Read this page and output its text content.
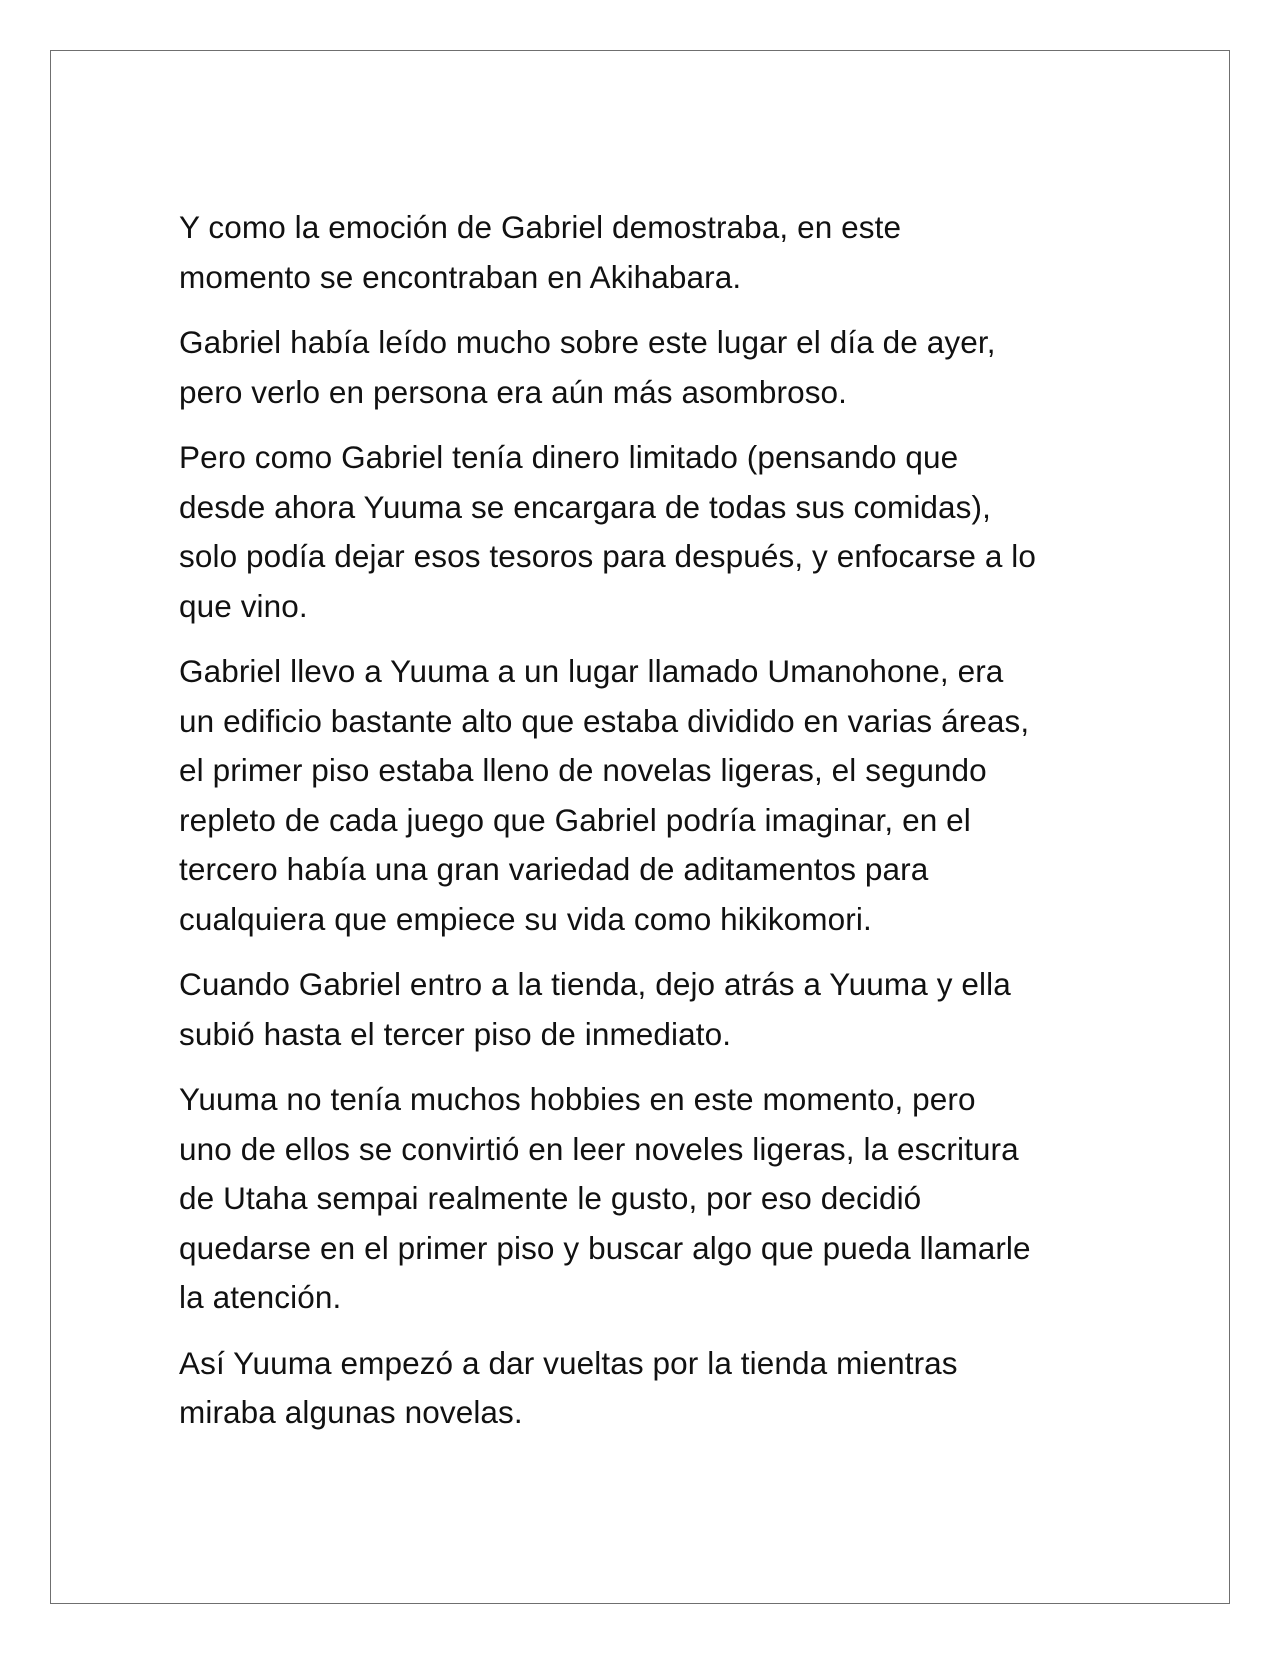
Y como la emoción de Gabriel demostraba, en este
momento se encontraban en Akihabara.

Gabriel había leído mucho sobre este lugar el día de ayer,
pero verlo en persona era aún más asombroso.

Pero como Gabriel tenía dinero limitado (pensando que
desde ahora Yuuma se encargara de todas sus comidas),
solo podía dejar esos tesoros para después, y enfocarse a lo
que vino.

Gabriel llevo a Yuuma a un lugar llamado Umanohone, era
un edificio bastante alto que estaba dividido en varias áreas,
el primer piso estaba lleno de novelas ligeras, el segundo
repleto de cada juego que Gabriel podría imaginar, en el
tercero había una gran variedad de aditamentos para
cualquiera que empiece su vida como hikikomori.

Cuando Gabriel entro a la tienda, dejo atrás a Yuuma y ella
subió hasta el tercer piso de inmediato.

Yuuma no tenía muchos hobbies en este momento, pero
uno de ellos se convirtió en leer noveles ligeras, la escritura
de Utaha sempai realmente le gusto, por eso decidió
quedarse en el primer piso y buscar algo que pueda llamarle
la atención.

Así Yuuma empezó a dar vueltas por la tienda mientras
miraba algunas novelas.
